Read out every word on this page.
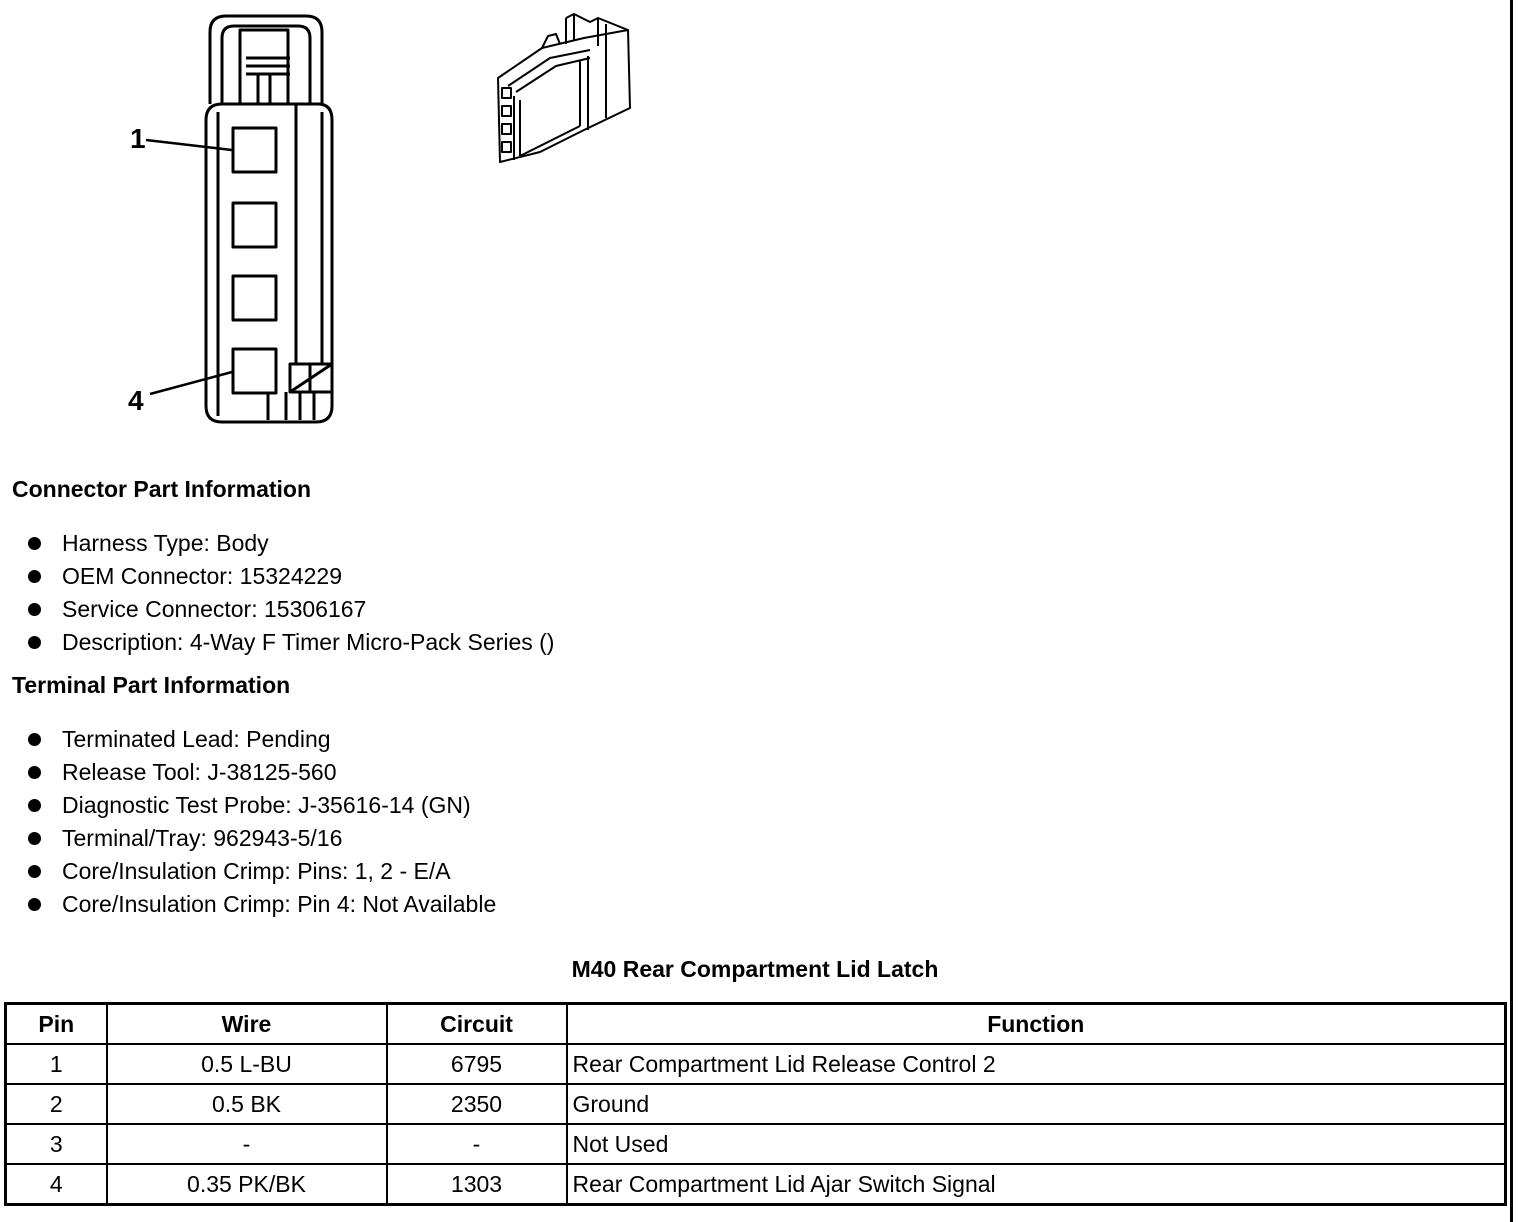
1
4
Connector Part Information
Harness Type: Body
OEM Connector: 15324229
Service Connector: 15306167
Description: 4-Way F Timer Micro-Pack Series ()
Terminal Part Information
Terminated Lead: Pending
Release Tool: J-38125-560
Diagnostic Test Probe: J-35616-14 (GN)
Terminal/Tray: 962943-5/16
Core/Insulation Crimp: Pins: 1, 2 - E/A
Core/Insulation Crimp: Pin 4: Not Available
M40 Rear Compartment Lid Latch
Pin	Wire	Circuit	Function
1	0.5 L-BU	6795	Rear Compartment Lid Release Control 2
2	0.5 BK	2350	Ground
3	-	-	Not Used
4	0.35 PK/BK	1303	Rear Compartment Lid Ajar Switch Signal
